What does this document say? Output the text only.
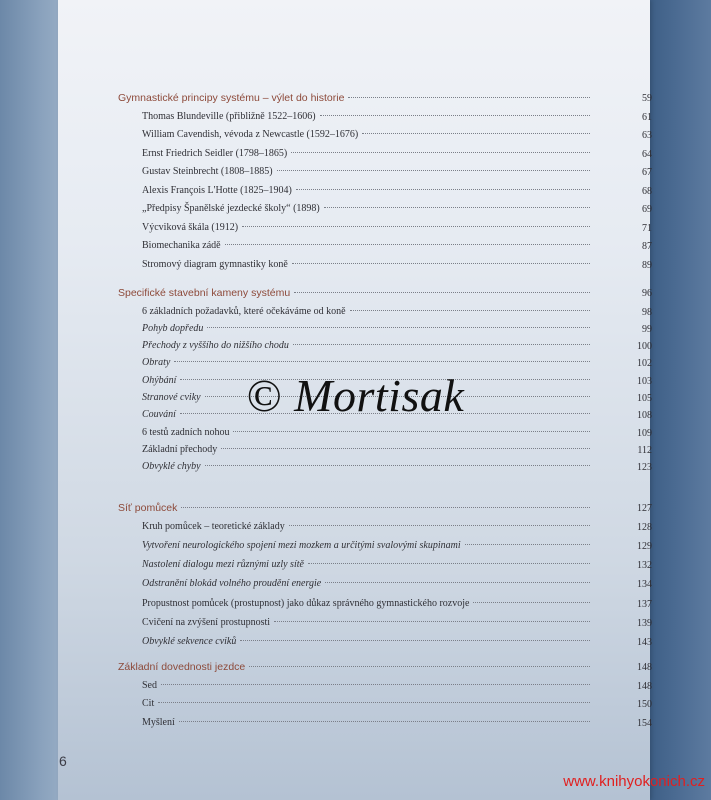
Gymnastické principy systému – výlet do historie	59
Thomas Blundeville (přibližně 1522–1606)	61
William Cavendish, vévoda z Newcastle (1592–1676)	63
Ernst Friedrich Seidler (1798–1865)	64
Gustav Steinbrecht (1808–1885)	67
Alexis François L'Hotte (1825–1904)	68
„Předpisy Španělské jezdecké školy“ (1898)	69
Výcviková škála (1912)	71
Biomechanika zádě	87
Stromový diagram gymnastiky koně	89
Specifické stavební kameny systému	96
6 základních požadavků, které očekáváme od koně	98
Pohyb dopředu	99
Přechody z vyššího do nižšího chodu	100
Obraty	102
Ohýbání	103
Stranové cviky	105
Couvání	108
6 testů zadních nohou	109
Základní přechody	112
Obvyklé chyby	123
Síť pomůcek	127
Kruh pomůcek – teoretické základy	128
Vytvoření neurologického spojení mezi mozkem a určitými svalovými skupinami	129
Nastolení dialogu mezi různými uzly sítě	132
Odstranění blokád volného proudění energie	134
Propustnost pomůcek (prostupnost) jako důkaz správného gymnastického rozvoje	137
Cvičení na zvýšení prostupnosti	139
Obvyklé sekvence cviků	143
Základní dovednosti jezdce	148
Sed	148
Cit	150
Myšlení	154
© Mortisak
6
www.knihyokonich.cz
